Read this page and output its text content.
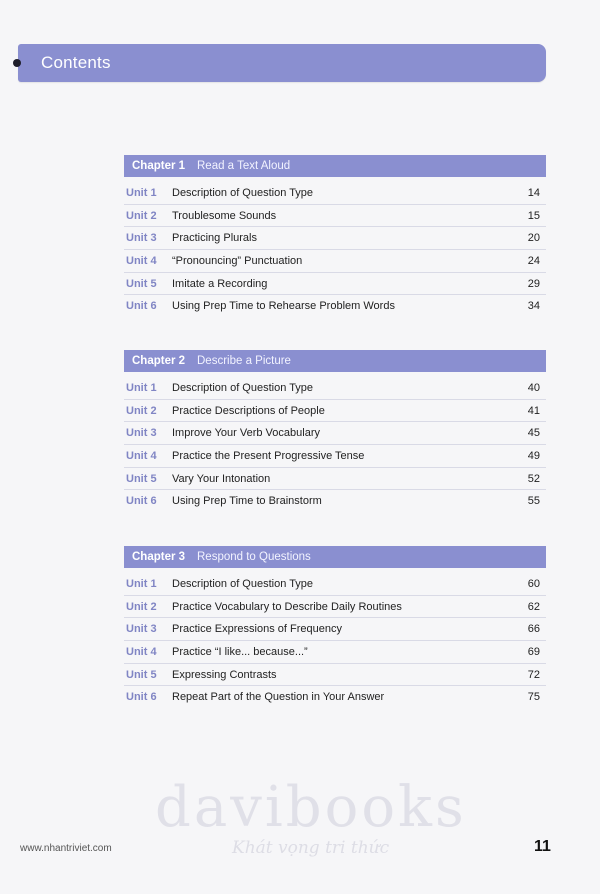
Contents
Chapter 1 Read a Text Aloud
Unit 1 Description of Question Type	14
Unit 2 Troublesome Sounds	15
Unit 3 Practicing Plurals	20
Unit 4 “Pronouncing” Punctuation	24
Unit 5 Imitate a Recording	29
Unit 6 Using Prep Time to Rehearse Problem Words	34
Chapter 2 Describe a Picture
Unit 1 Description of Question Type	40
Unit 2 Practice Descriptions of People	41
Unit 3 Improve Your Verb Vocabulary	45
Unit 4 Practice the Present Progressive Tense	49
Unit 5 Vary Your Intonation	52
Unit 6 Using Prep Time to Brainstorm	55
Chapter 3 Respond to Questions
Unit 1 Description of Question Type	60
Unit 2 Practice Vocabulary to Describe Daily Routines	62
Unit 3 Practice Expressions of Frequency	66
Unit 4 Practice “I like... because...”	69
Unit 5 Expressing Contrasts	72
Unit 6 Repeat Part of the Question in Your Answer	75
davibooks
Khát vọng tri thức
www.nhantriviet.com	11
